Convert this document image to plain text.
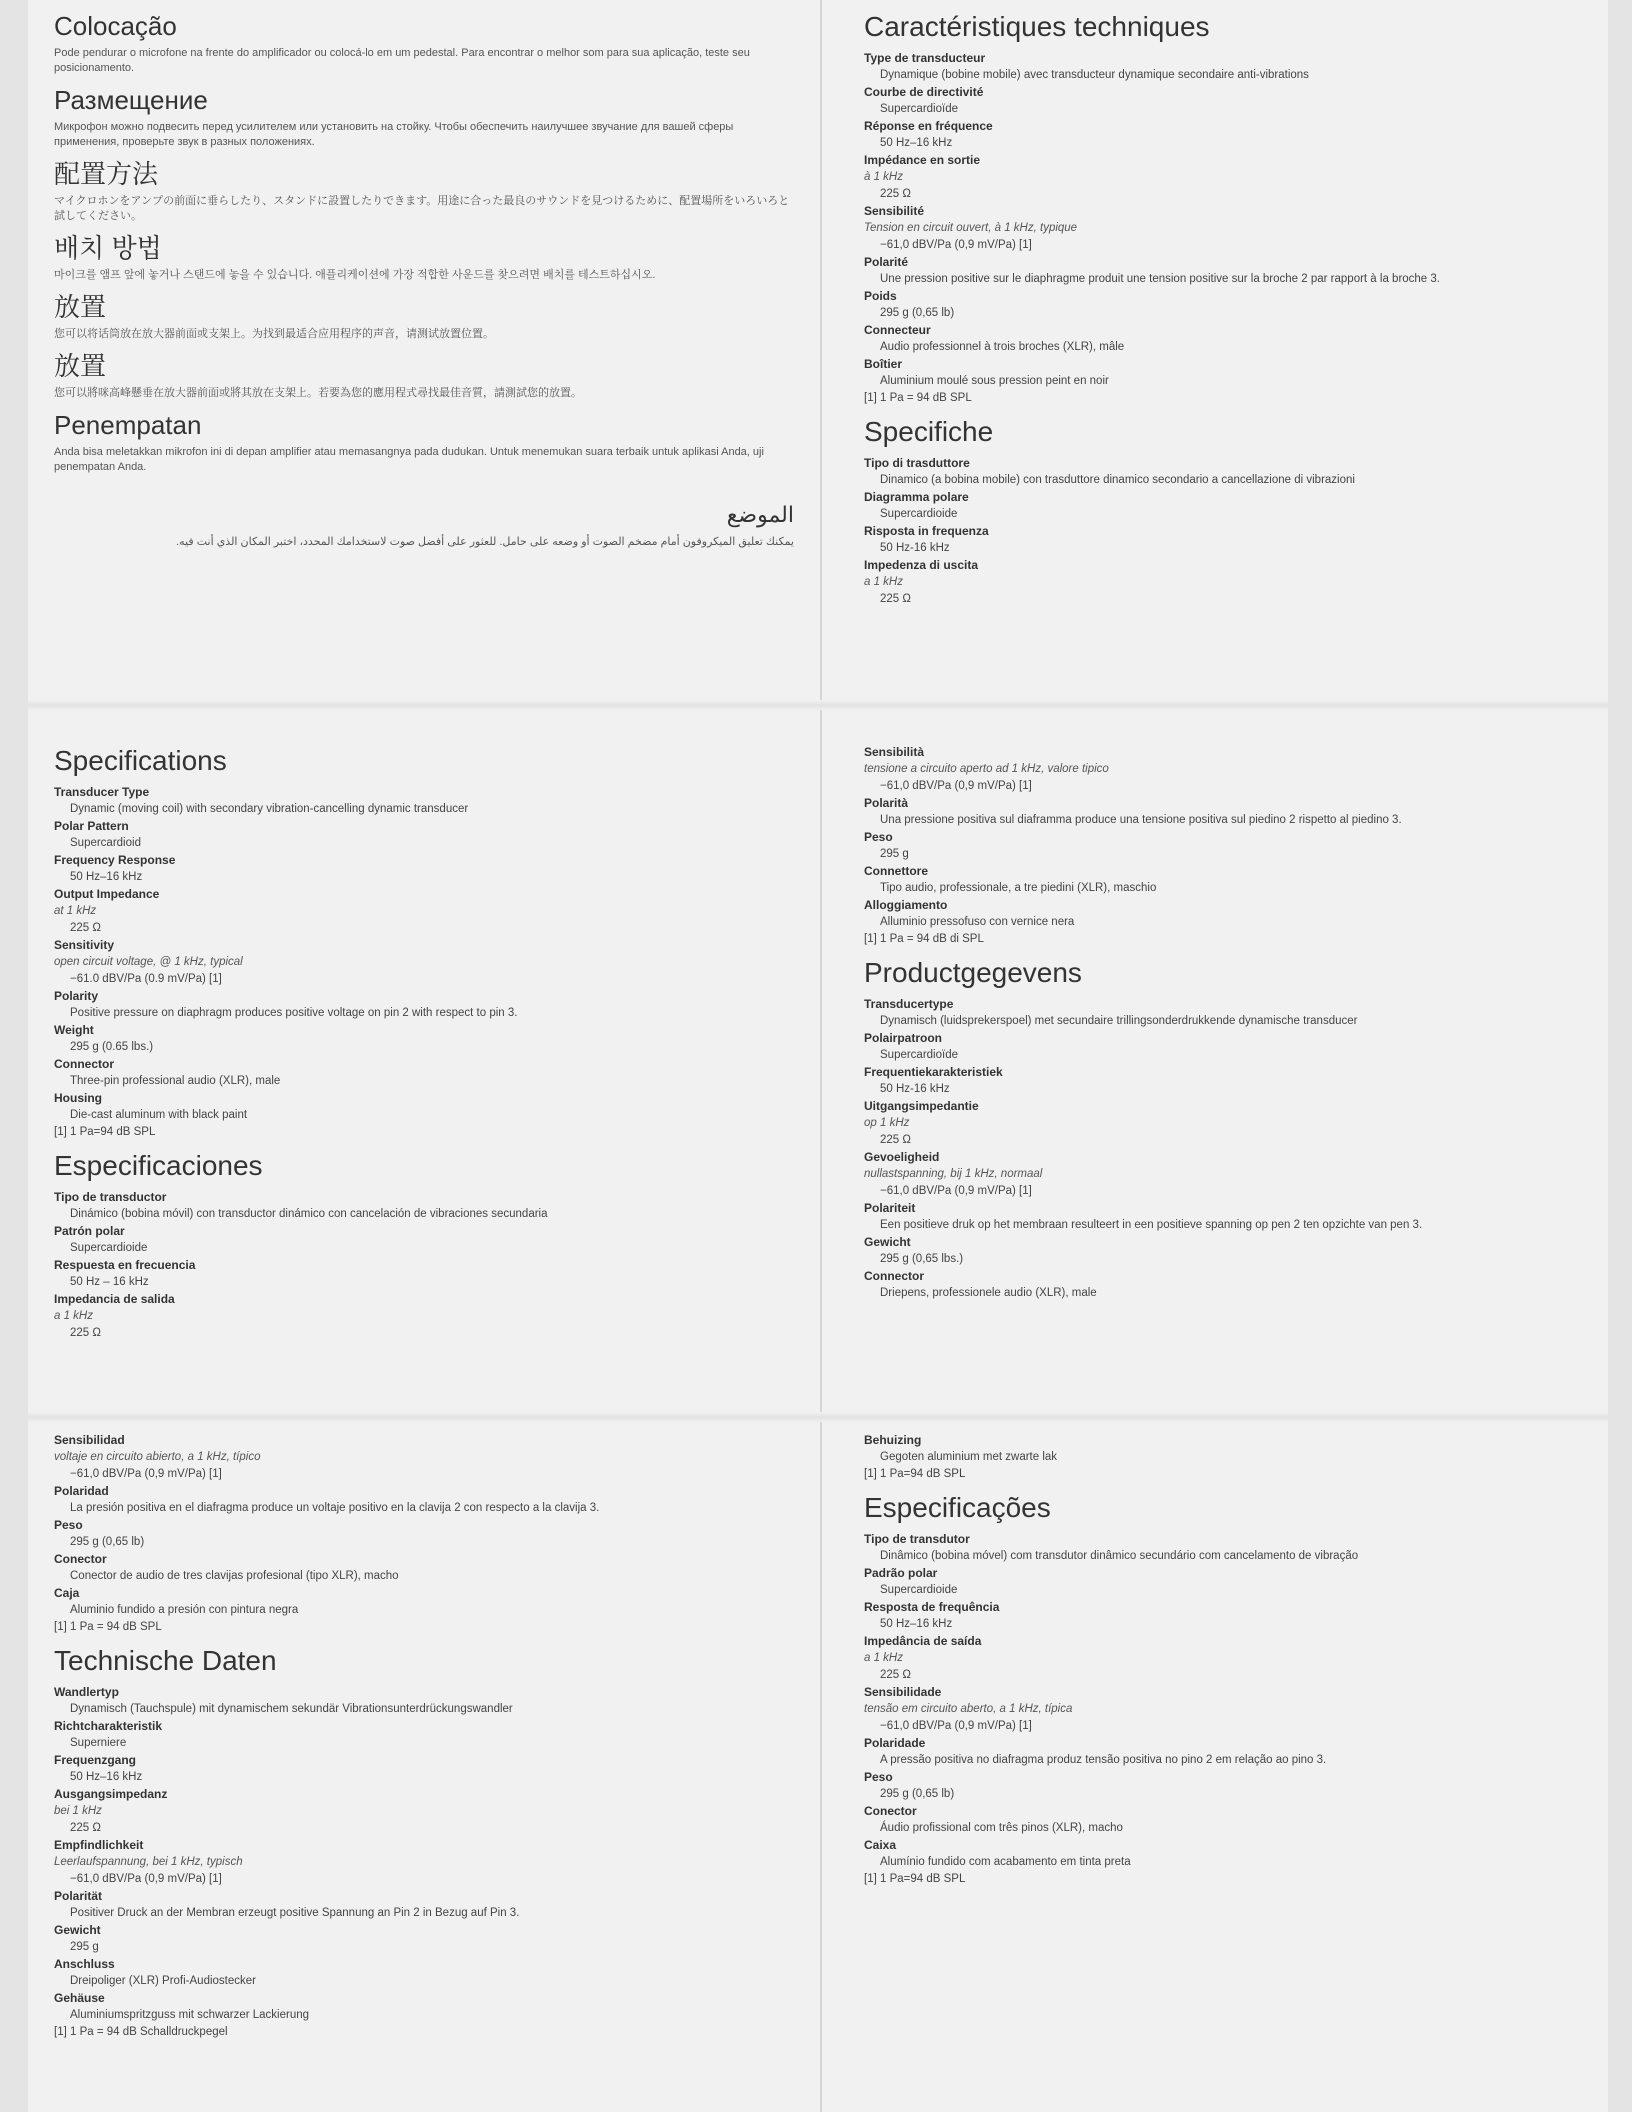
Colocação

Pode pendurar o microfone na frente do amplificador ou colocá-lo em um pedestal. Para encontrar o melhor som para sua aplicação, teste seu posicionamento.

Размещение

Микрофон можно подвесить перед усилителем или установить на стойку. Чтобы обеспечить наилучшее звучание для вашей сферы применения, проверьте звук в разных положениях.

配置方法

マイクロホンをアンプの前面に垂らしたり、スタンドに設置したりできます。用途に合った最良のサウンドを見つけるために、配置場所をいろいろと試してください。

배치 방법

마이크를 앰프 앞에 놓거나 스탠드에 놓을 수 있습니다. 애플리케이션에 가장 적합한 사운드를 찾으려면 배치를 테스트하십시오.

放置

您可以将话筒放在放大器前面或支架上。为找到最适合应用程序的声音，请测试放置位置。

放置

您可以將咪高峰懸垂在放大器前面或將其放在支架上。若要為您的應用程式尋找最佳音質，請測試您的放置。

Penempatan

Anda bisa meletakkan mikrofon ini di depan amplifier atau memasangnya pada dudukan. Untuk menemukan suara terbaik untuk aplikasi Anda, uji penempatan Anda.

الموضع

يمكنك تعليق الميكروفون أمام مضخم الصوت أو وضعه على حامل. للعثور على أفضل صوت لاستخدامك المحدد، اختبر المكان الذي أنت فيه.

Caractéristiques techniques
Type de transducteur
Dynamique (bobine mobile) avec transducteur dynamique secondaire anti-vibrations
Courbe de directivité
Supercardioïde
Réponse en fréquence
50 Hz–16 kHz
Impédance en sortie
à 1 kHz
225 Ω
Sensibilité
Tension en circuit ouvert, à 1 kHz, typique
−61,0 dBV/Pa (0,9 mV/Pa) [1]
Polarité
Une pression positive sur le diaphragme produit une tension positive sur la broche 2 par rapport à la broche 3.
Poids
295 g (0,65 lb)
Connecteur
Audio professionnel à trois broches (XLR), mâle
Boîtier
Aluminium moulé sous pression peint en noir
[1] 1 Pa = 94 dB SPL
Specifiche
Tipo di trasduttore
Dinamico (a bobina mobile) con trasduttore dinamico secondario a cancellazione di vibrazioni
Diagramma polare
Supercardioide
Risposta in frequenza
50 Hz-16 kHz
Impedenza di uscita
a 1 kHz
225 Ω
Specifications
Transducer Type
Dynamic (moving coil) with secondary vibration-cancelling dynamic transducer
Polar Pattern
Supercardioid
Frequency Response
50 Hz–16 kHz
Output Impedance
at 1 kHz
225 Ω
Sensitivity
open circuit voltage, @ 1 kHz, typical
−61.0 dBV/Pa (0.9 mV/Pa) [1]
Polarity
Positive pressure on diaphragm produces positive voltage on pin 2 with respect to pin 3.
Weight
295 g (0.65 lbs.)
Connector
Three-pin professional audio (XLR), male
Housing
Die-cast aluminum with black paint
[1] 1 Pa=94 dB SPL
Especificaciones
Tipo de transductor
Dinámico (bobina móvil) con transductor dinámico con cancelación de vibraciones secundaria
Patrón polar
Supercardioide
Respuesta en frecuencia
50 Hz – 16 kHz
Impedancia de salida
a 1 kHz
225 Ω
Sensibilità
tensione a circuito aperto ad 1 kHz, valore tipico
−61,0 dBV/Pa (0,9 mV/Pa) [1]
Polarità
Una pressione positiva sul diaframma produce una tensione positiva sul piedino 2 rispetto al piedino 3.
Peso
295 g
Connettore
Tipo audio, professionale, a tre piedini (XLR), maschio
Alloggiamento
Alluminio pressofuso con vernice nera
[1] 1 Pa = 94 dB di SPL
Productgegevens
Transducertype
Dynamisch (luidsprekerspoel) met secundaire trillingsonderdrukkende dynamische transducer
Polairpatroon
Supercardioïde
Frequentiekarakteristiek
50 Hz-16 kHz
Uitgangsimpedantie
op 1 kHz
225 Ω
Gevoeligheid
nullastspanning, bij 1 kHz, normaal
−61,0 dBV/Pa (0,9 mV/Pa) [1]
Polariteit
Een positieve druk op het membraan resulteert in een positieve spanning op pen 2 ten opzichte van pen 3.
Gewicht
295 g (0,65 lbs.)
Connector
Driepens, professionele audio (XLR), male
Sensibilidad
voltaje en circuito abierto, a 1 kHz, típico
−61,0 dBV/Pa (0,9 mV/Pa) [1]
Polaridad
La presión positiva en el diafragma produce un voltaje positivo en la clavija 2 con respecto a la clavija 3.
Peso
295 g (0,65 lb)
Conector
Conector de audio de tres clavijas profesional (tipo XLR), macho
Caja
Aluminio fundido a presión con pintura negra
[1] 1 Pa = 94 dB SPL
Technische Daten
Wandlertyp
Dynamisch (Tauchspule) mit dynamischem sekundär Vibrationsunterdrückungswandler
Richtcharakteristik
Superniere
Frequenzgang
50 Hz–16 kHz
Ausgangsimpedanz
bei 1 kHz
225 Ω
Empfindlichkeit
Leerlaufspannung, bei 1 kHz, typisch
−61,0 dBV/Pa (0,9 mV/Pa) [1]
Polarität
Positiver Druck an der Membran erzeugt positive Spannung an Pin 2 in Bezug auf Pin 3.
Gewicht
295 g
Anschluss
Dreipoliger (XLR) Profi-Audiostecker
Gehäuse
Aluminiumspritzguss mit schwarzer Lackierung
[1] 1 Pa = 94 dB Schalldruckpegel
Behuizing
Gegoten aluminium met zwarte lak
[1] 1 Pa=94 dB SPL
Especificações
Tipo de transdutor
Dinâmico (bobina móvel) com transdutor dinâmico secundário com cancelamento de vibração
Padrão polar
Supercardioide
Resposta de frequência
50 Hz–16 kHz
Impedância de saída
a 1 kHz
225 Ω
Sensibilidade
tensão em circuito aberto, a 1 kHz, típica
−61,0 dBV/Pa (0,9 mV/Pa) [1]
Polaridade
A pressão positiva no diafragma produz tensão positiva no pino 2 em relação ao pino 3.
Peso
295 g (0,65 lb)
Conector
Áudio profissional com três pinos (XLR), macho
Caixa
Alumínio fundido com acabamento em tinta preta
[1] 1 Pa=94 dB SPL
